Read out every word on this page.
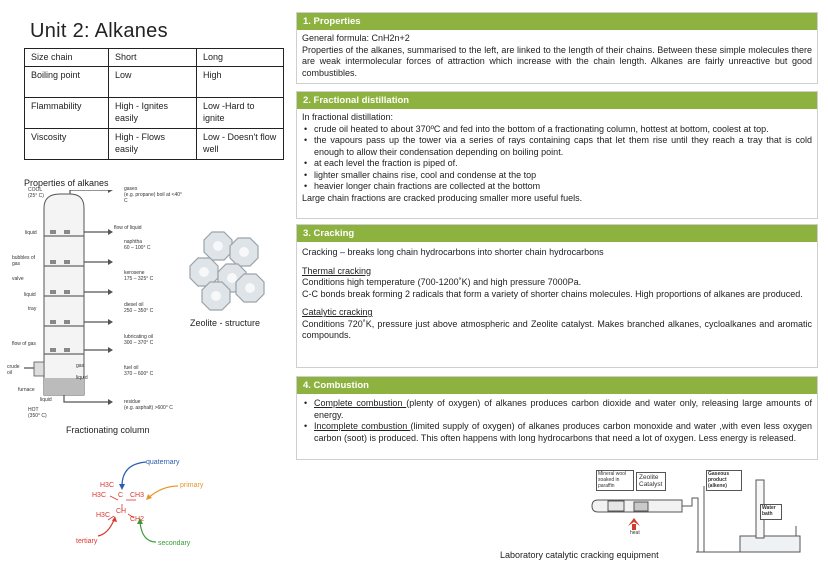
Unit 2: Alkanes
Size chain	Short	Long
Boiling point	Low	High
Flammability	High - Ignites easily	Low -Hard to ignite
Viscosity	High - Flows easily	Low - Doesn't flow well
Properties of alkanes
COOL
(25° C)
HOT
(350° C)
liquid
bubbles of gas
valve
liquid
tray
flow of gas
crude oil
furnace
liquid
flow of liquid
gas
liquid
gases
(e.g. propane) boil at <40° C
naphtha
60 – 100° C
kerosene
175 – 325° C
diesel oil
250 – 350° C
lubricating oil
300 – 370° C
fuel oil
370 – 600° C
residue
(e.g. asphalt) >600° C
Fractionating column
Zeolite - structure
quaternary
primary
tertiary	secondary
H3C
H3C C CH3
H3C
CH
CH2
1. Properties

General formula: CnH2n+2

Properties of the alkanes, summarised to the left, are linked to the length of their chains. Between these simple molecules there are weak intermolecular forces of attraction which increase with the chain length. Alkanes are fairly unreactive but good combustibles.

2. Fractional distillation

In fractional distillation:

• crude oil heated to about 370ºC and fed into the bottom of a fractionating column, hottest at bottom, coolest at top.
• the vapours pass up the tower via a series of rays containing caps that let them rise until they reach a tray that is cold enough to allow their condensation depending on boiling point.
• at each level the fraction is piped of.
• lighter smaller chains rise, cool and condense at the top
• heavier longer chain fractions are collected at the bottom

Large chain fractions are cracked producing smaller more useful fuels.

3. Cracking

Cracking – breaks long chain hydrocarbons into shorter chain hydrocarbons

Thermal cracking

Conditions high temperature (700-1200˚K) and high pressure 7000Pa.

C-C bonds break forming 2 radicals that form a variety of shorter chains molecules. High proportions of alkanes are produced.

Catalytic cracking

Conditions 720˚K, pressure just above atmospheric and Zeolite catalyst. Makes branched alkanes, cycloalkanes and aromatic compounds.

4. Combustion
• Complete combustion (plenty of oxygen) of alkanes produces carbon dioxide and water only, releasing large amounts of energy.
• Incomplete combustion (limited supply of oxygen) of alkanes produces carbon monoxide and water ,with even less oxygen carbon (soot) is produced. This often happens with long hydrocarbons that need a lot of oxygen. Less energy is released.
Mineral wool soaked in paraffin
Zeolite Catalyst
Gaseous product (alkene)
Water bath
heat
Laboratory catalytic cracking equipment
